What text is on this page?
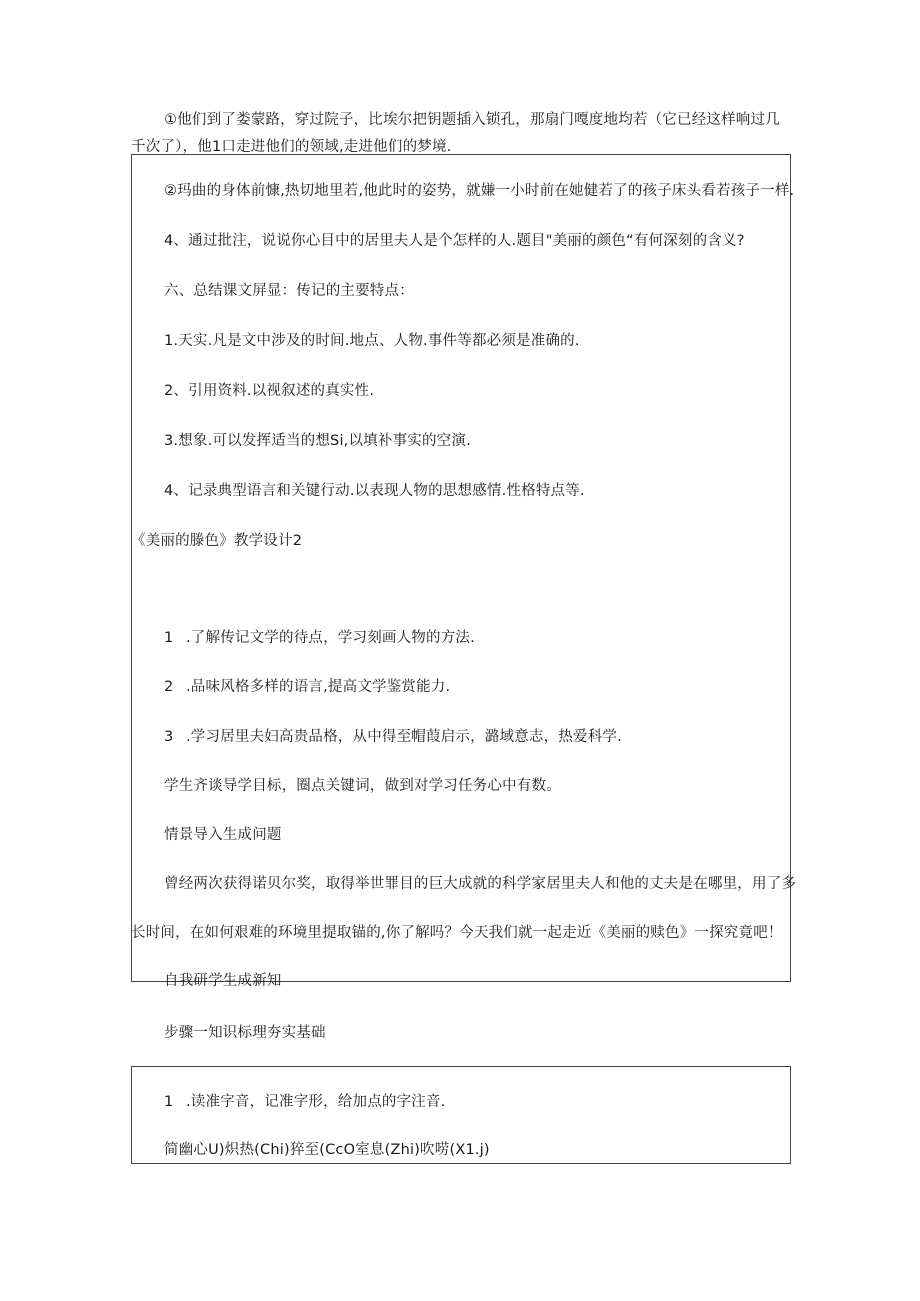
①他们到了娄蒙路，穿过院子，比埃尔把钥题插入锁孔，那扇门嘎度地均若（它已经这样响过几
千次了），他1口走进他们的领域,走进他们的梦境.
②玛曲的身体前慷,热切地里若,他此时的姿势，就嫌一小时前在她健若了的孩子床头看若孩子一样.
4、通过批注，说说你心目中的居里夫人是个怎样的人.题目"美丽的颜色“有何深刻的含义?
六、总结课文屏显：传记的主要特点：
1.天实.凡是文中涉及的时间.地点、人物.事件等都必须是准确的.
2、引用资料.以视叙述的真实性.
3.想象.可以发挥适当的想Si,以填补事实的空演.
4、记录典型语言和关键行动.以表现人物的思想感情.性格特点等.
《美丽的滕色》教学设计2
1 .了解传记文学的待点，学习刻画人物的方法.
2 .品味风格多样的语言,提高文学鉴赏能力.
3 .学习居里夫妇高贵品格，从中得至帽葭启示，潞域意志，热爱科学.
学生齐谈导学目标，圈点关键词，做到对学习任务心中有数。
情景导入生成问题
曾经两次获得诺贝尔奖，取得举世罪目的巨大成就的科学家居里夫人和他的丈夫是在哪里，用了多
长时间，在如何艰难的环境里提取锚的,你了解吗？今天我们就一起走近《美丽的赎色》一探究竟吧！
自我研学生成新知
步骤一知识标理夯实基础
1 .读准字音，记准字形，给加点的字注音.
简幽心U)炽热(Chi)猝至(CcO室息(Zhi)吹唠(X1.j)
